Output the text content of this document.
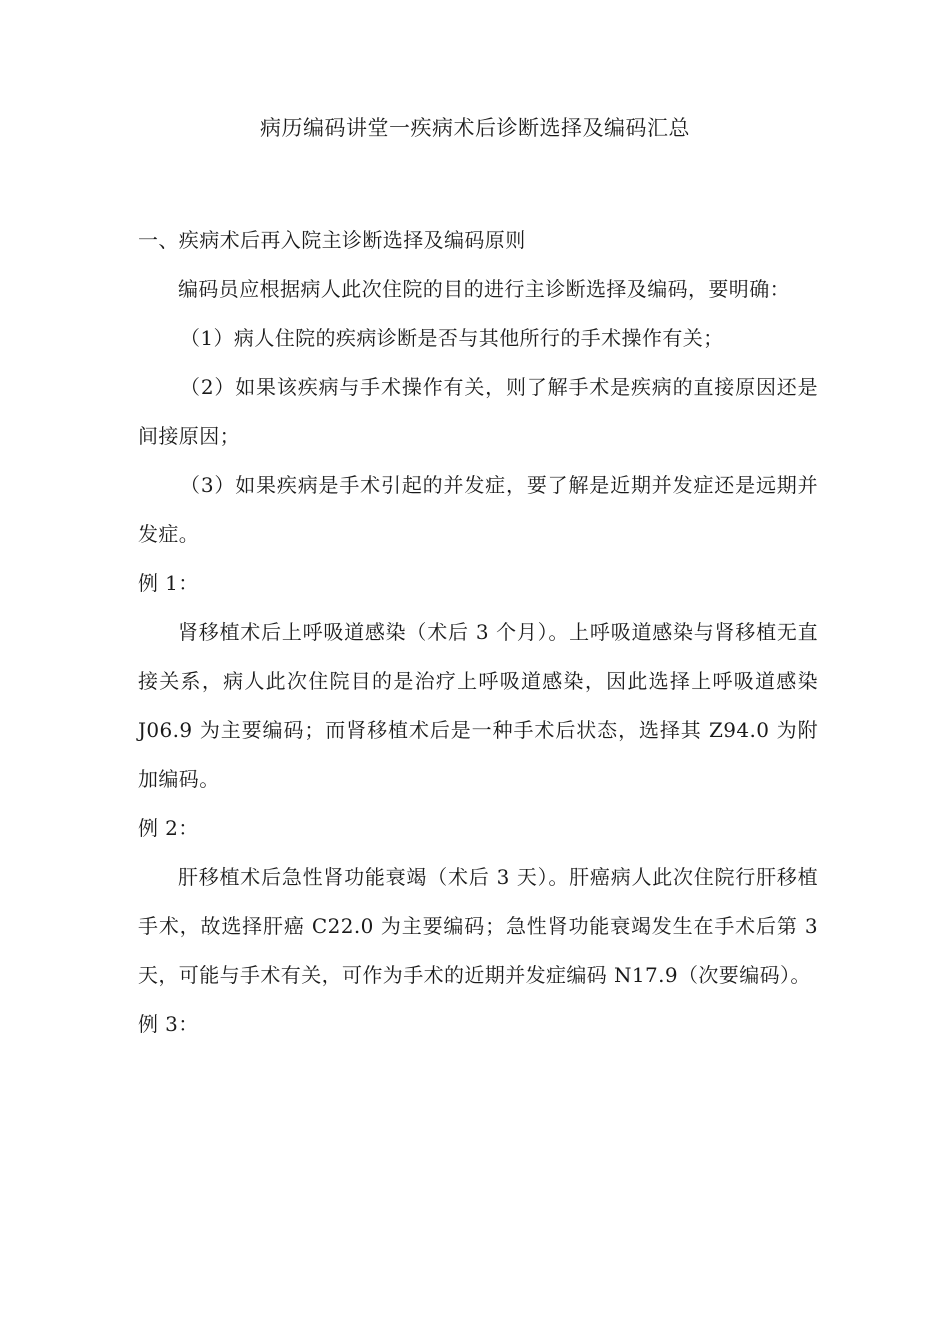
病历编码讲堂一疾病术后诊断选择及编码汇总

一、疾病术后再入院主诊断选择及编码原则

编码员应根据病人此次住院的目的进行主诊断选择及编码，要明确：

（1）病人住院的疾病诊断是否与其他所行的手术操作有关；

（2）如果该疾病与手术操作有关，则了解手术是疾病的直接原因还是间接原因；

（3）如果疾病是手术引起的并发症，要了解是近期并发症还是远期并发症。

例 1：

肾移植术后上呼吸道感染（术后 3 个月）。上呼吸道感染与肾移植无直接关系，病人此次住院目的是治疗上呼吸道感染，因此选择上呼吸道感染 J06.9 为主要编码；而肾移植术后是一种手术后状态，选择其 Z94.0 为附加编码。

例 2：

肝移植术后急性肾功能衰竭（术后 3 天）。肝癌病人此次住院行肝移植手术，故选择肝癌 C22.0 为主要编码；急性肾功能衰竭发生在手术后第 3 天，可能与手术有关，可作为手术的近期并发症编码 N17.9（次要编码）。

例 3：
